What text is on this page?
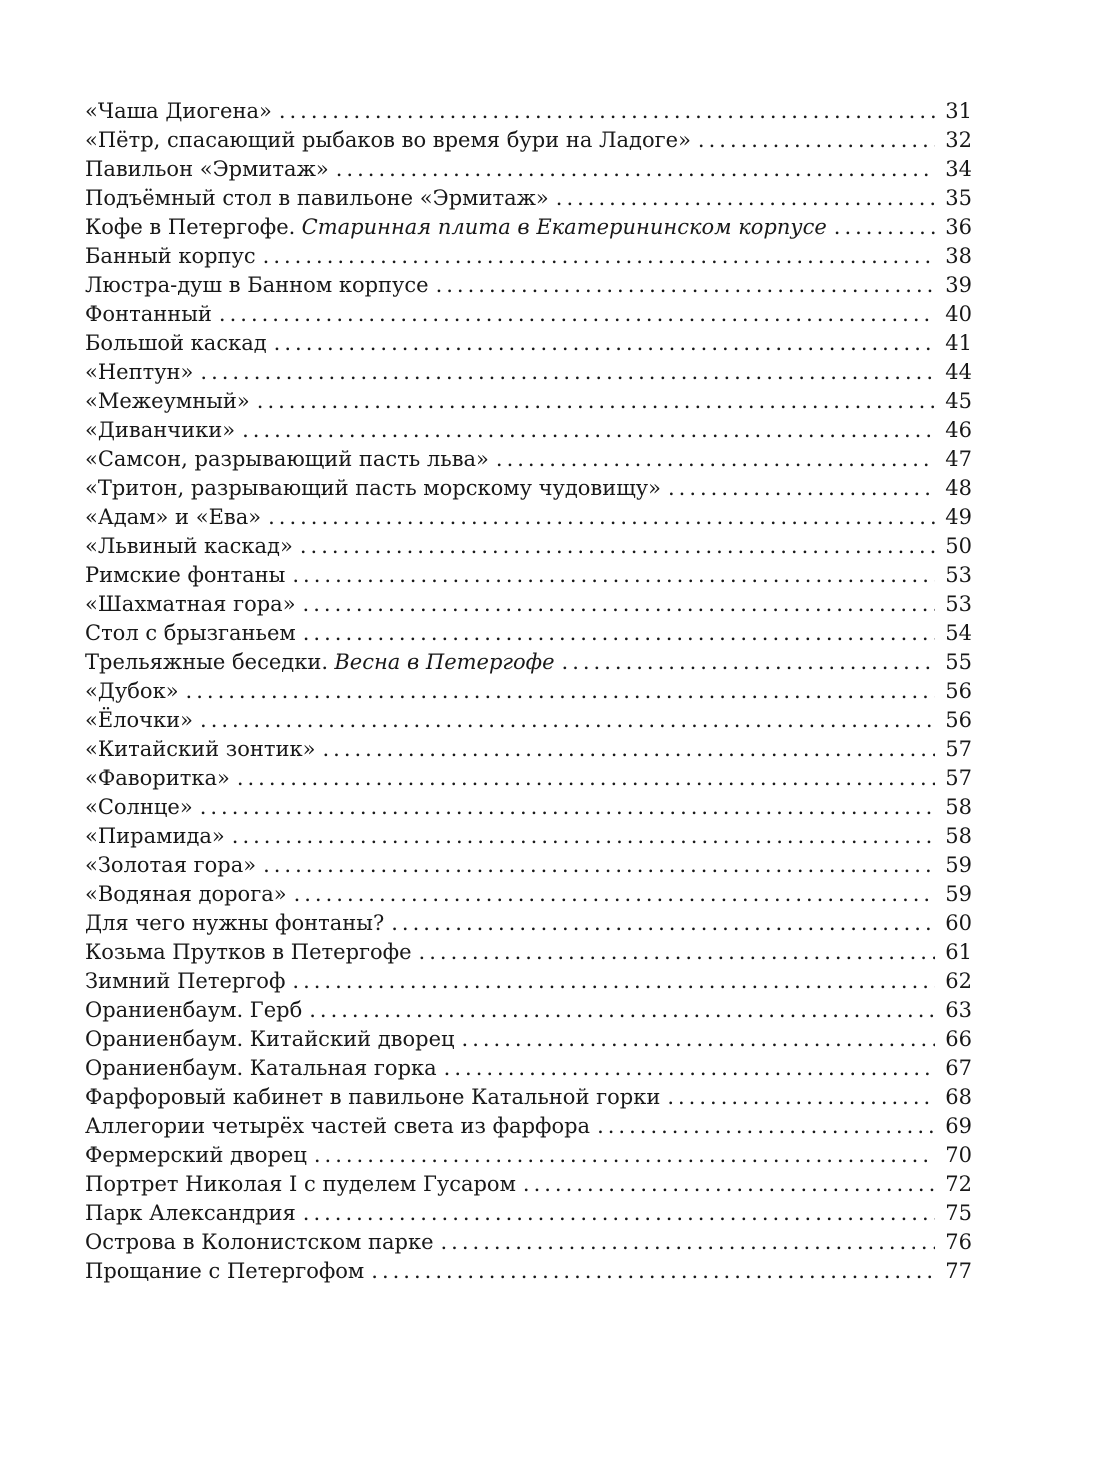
«Чаша Диогена» .....	31
«Пётр, спасающий рыбаков во время бури на Ладоге» .....	32
Павильон «Эрмитаж» .....	34
Подъёмный стол в павильоне «Эрмитаж» .....	35
Кофе в Петергофе. Старинная плита в Екатерининском корпусе .....	36
Банный корпус .....	38
Люстра-душ в Банном корпусе .....	39
Фонтанный .....	40
Большой каскад .....	41
«Нептун» .....	44
«Межеумный» .....	45
«Диванчики» .....	46
«Самсон, разрывающий пасть льва» .....	47
«Тритон, разрывающий пасть морскому чудовищу» .....	48
«Адам» и «Ева» .....	49
«Львиный каскад» .....	50
Римские фонтаны .....	53
«Шахматная гора» .....	53
Стол с брызганьем .....	54
Трельяжные беседки. Весна в Петергофе .....	55
«Дубок» .....	56
«Ёлочки» .....	56
«Китайский зонтик» .....	57
«Фаворитка» .....	57
«Солнце» .....	58
«Пирамида» .....	58
«Золотая гора» .....	59
«Водяная дорога» .....	59
Для чего нужны фонтаны? .....	60
Козьма Прутков в Петергофе .....	61
Зимний Петергоф .....	62
Ораниенбаум. Герб .....	63
Ораниенбаум. Китайский дворец .....	66
Ораниенбаум. Катальная горка .....	67
Фарфоровый кабинет в павильоне Катальной горки .....	68
Аллегории четырёх частей света из фарфора .....	69
Фермерский дворец .....	70
Портрет Николая I с пуделем Гусаром .....	72
Парк Александрия .....	75
Острова в Колонистском парке .....	76
Прощание с Петергофом .....	77
